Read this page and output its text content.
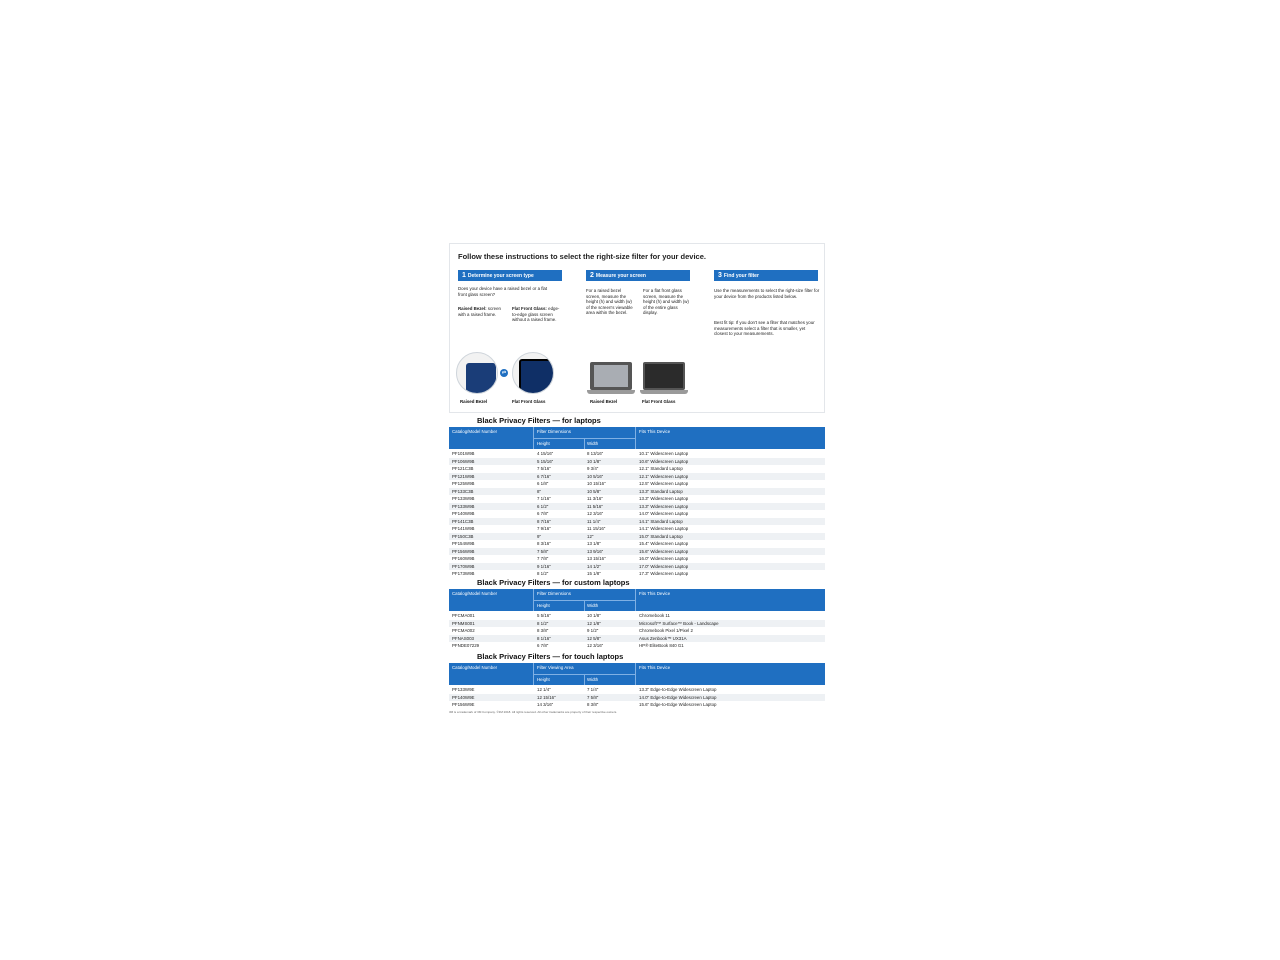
Follow these instructions to select the right-size filter for your device.
1 Determine your screen type	2 Measure your screen	3 Find your filter
Does your device have a raised bezel or a flat front glass screen?
Raised Bezel: screen with a raised frame.
Flat Front Glass: edge-to-edge glass screen without a raised frame.
⇄
Raised Bezel	Flat Front Glass
For a raised bezel screen, measure the height (h) and width (w) of the screen's viewable area within the bezel.
For a flat front glass screen, measure the height (h) and width (w) of the entire glass display.
Raised Bezel	Flat Front Glass
Use the measurements to select the right-size filter for your device from the products listed below.
Best fit tip: If you don't see a filter that matches your measurements select a filter that is smaller, yet closest to your measurements.
Black Privacy Filters — for laptops
Catalog/Model Number	Filter Dimensions
Height	Width
Fits This Device
PF101W9B	4 15/16"	8 13/16"	10.1" Widescreen Laptop
PF106W9B	5 15/16"	10 1/8"	10.6" Widescreen Laptop
PF121C3B	7 5/16"	9 3/4"	12.1" Standard Laptop
PF121W9B	6 7/16"	10 5/16"	12.1" Widescreen Laptop
PF125W9B	6 1/8"	10 15/16"	12.5" Widescreen Laptop
PF133C3B	8"	10 5/8"	13.3" Standard Laptop
PF133W9B	7 1/16"	11 3/16"	13.3" Widescreen Laptop
PF133W9B	6 1/2"	11 5/16"	13.3" Widescreen Laptop
PF140W9B	6 7/8"	12 3/16"	14.0" Widescreen Laptop
PF141C3B	8 7/16"	11 1/4"	14.1" Standard Laptop
PF141W9B	7 9/16"	11 15/16"	14.1" Widescreen Laptop
PF150C3B	9"	12"	15.0" Standard Laptop
PF154W9B	8 3/16"	13 1/8"	15.4" Widescreen Laptop
PF156W9B	7 5/8"	13 9/16"	15.6" Widescreen Laptop
PF160W9B	7 7/8"	13 15/16"	16.0" Widescreen Laptop
PF170W9B	9 1/16"	14 1/2"	17.0" Widescreen Laptop
PF173W9B	8 1/2"	15 1/8"	17.3" Widescreen Laptop
Black Privacy Filters — for custom laptops
Catalog/Model Number	Filter Dimensions
Height	Width
Fits This Device
PFCMA001	5 5/16"	10 1/8"	Chromebook 11
PFNMS001	8 1/2"	12 1/8"	Microsoft™ Surface™ Book - Landscape
PFCMA002	8 3/8"	9 1/2"	Chromebook Pixel 1/Pixel 2
PFNAS003	8 1/16"	12 5/8"	Asus Zenbook™ UX31A
PFNDE07229	6 7/8"	12 3/16"	HP® EliteBook 840 G1
Black Privacy Filters — for touch laptops
Catalog/Model Number	Filter Viewing Area
Height	Width
Fits This Device
PF133W9E	12 1/4"	7 1/4"	13.3" Edge-to-Edge Widescreen Laptop
PF140W9E	12 15/16"	7 5/8"	14.0" Edge-to-Edge Widescreen Laptop
PF156W9E	14 3/16"	8 3/8"	15.6" Edge-to-Edge Widescreen Laptop
3M is a trademark of 3M Company. ©3M 2018. All rights reserved. All other trademarks are property of their respective owners.
